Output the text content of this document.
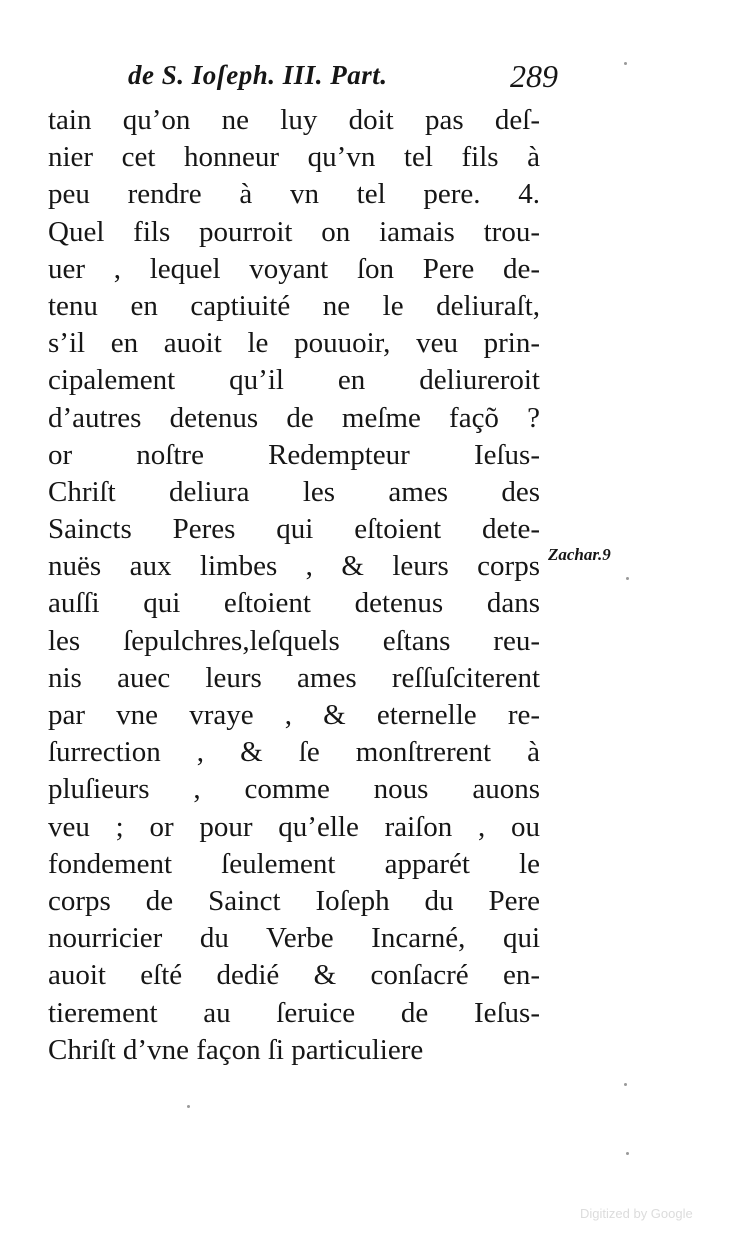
de S. Ioſeph. III. Part.	289
tain qu’on ne luy doit pas deſ-
nier cet honneur qu’vn tel fils à
peu rendre à vn tel pere. 4.
Quel fils pourroit on iamais trou-
uer , lequel voyant ſon Pere de-
tenu en captiuité ne le deliuraſt,
s’il en auoit le pouuoir, veu prin-
cipalement qu’il en deliureroit
d’autres detenus de meſme façõ ?
or noſtre Redempteur Ieſus-
Chriſt deliura les ames des
Saincts Peres qui eſtoient dete-
nuës aux limbes , & leurs corps
auſſi qui eſtoient detenus dans
les ſepulchres,leſquels eſtans reu-
nis auec leurs ames reſſuſciterent
par vne vraye , & eternelle re-
ſurrection , & ſe monſtrerent à
pluſieurs , comme nous auons
veu ; or pour qu’elle raiſon , ou
fondement ſeulement apparét le
corps de Sainct Ioſeph du Pere
nourricier du Verbe Incarné, qui
auoit eſté dedié & conſacré en-
tierement au ſeruice de Ieſus-
Chriſt d’vne façon ſi particuliere
Zachar.9
Digitized by Google
